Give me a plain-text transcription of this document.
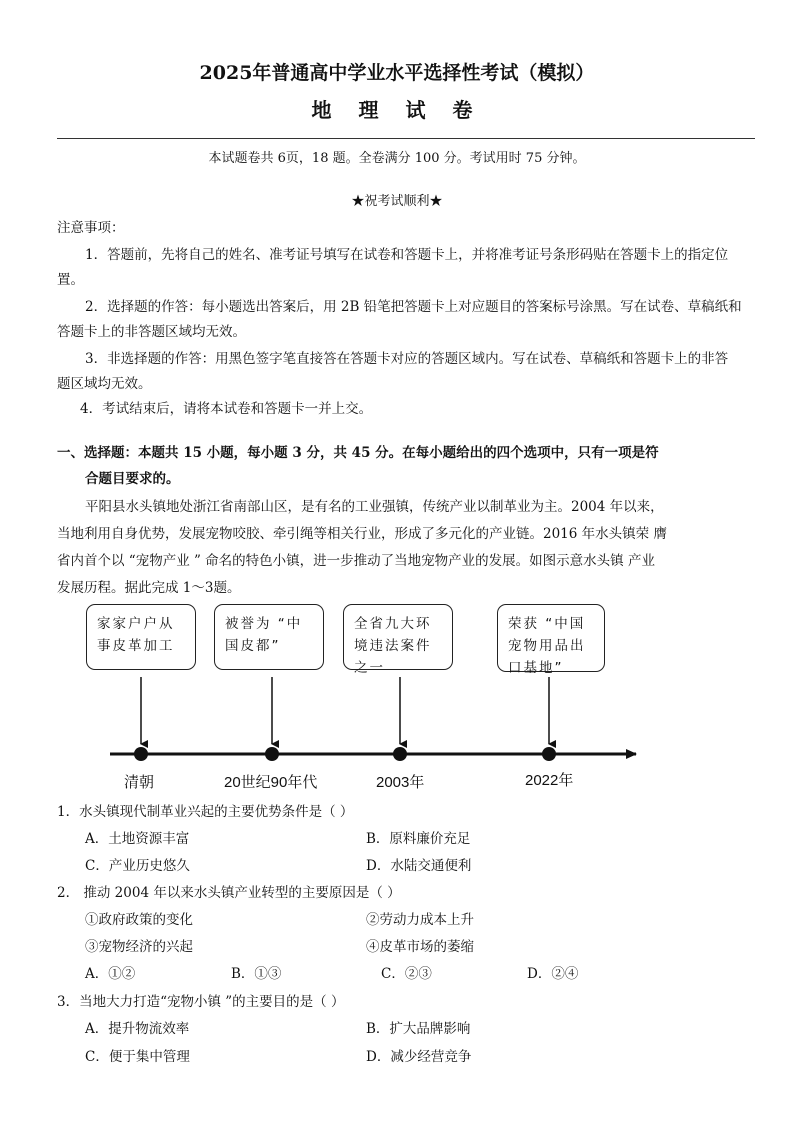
2025年普通高中学业水平选择性考试（模拟）
地 理 试 卷
本试题卷共 6页，18 题。全卷满分 100 分。考试用时 75 分钟。
★祝考试顺利★
注意事项：
1．答题前，先将自己的姓名、准考证号填写在试卷和答题卡上，并将准考证号条形码贴在答题卡上的指定位
置。
2．选择题的作答：每小题选出答案后，用 2B 铅笔把答题卡上对应题目的答案标号涂黑。写在试卷、草稿纸和
答题卡上的非答题区域均无效。
3．非选择题的作答：用黑色签字笔直接答在答题卡对应的答题区域内。写在试卷、草稿纸和答题卡上的非答
题区域均无效。
4．考试结束后，请将本试卷和答题卡一并上交。
一、选择题：本题共 15 小题，每小题 3 分，共 45 分。在每小题给出的四个选项中，只有一项是符
合题目要求的。
平阳县水头镇地处浙江省南部山区，是有名的工业强镇，传统产业以制革业为主。2004 年以来，
当地利用自身优势，发展宠物咬胶、牵引绳等相关行业，形成了多元化的产业链。2016 年水头镇荣 膺
省内首个以 “宠物产业 ” 命名的特色小镇，进一步推动了当地宠物产业的发展。如图示意水头镇 产业
发展历程。据此完成 1～3题。
家家户户从事皮革加工
被誉为 “中国皮都”
全省九大环境违法案件之一
荣获 “中国宠物用品出口基地”
清朝	20世纪90年代	2003年	2022年
1．水头镇现代制革业兴起的主要优势条件是（ ）
A．土地资源丰富	B．原料廉价充足
C．产业历史悠久	D．水陆交通便利
2． 推动 2004 年以来水头镇产业转型的主要原因是（ ）
①政府政策的变化	②劳动力成本上升
③宠物经济的兴起	④皮革市场的萎缩
A．①②	B．①③	C．②③	D．②④
3．当地大力打造“宠物小镇 ”的主要目的是（ ）
A．提升物流效率	B．扩大品牌影响
C．便于集中管理	D．减少经营竞争
